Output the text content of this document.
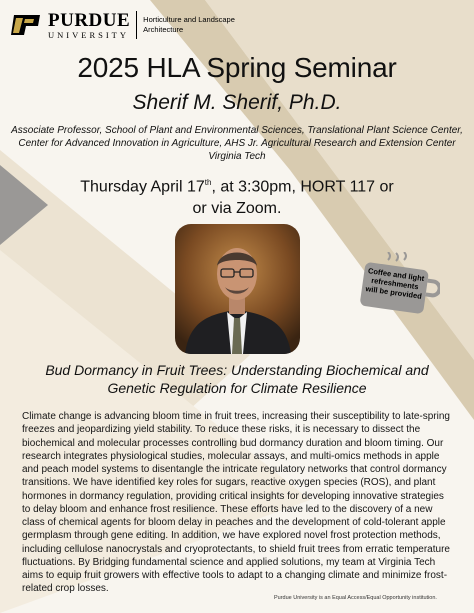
PURDUE
UNIVERSITY
Horticulture and Landscape Architecture
2025 HLA Spring Seminar
Sherif M. Sherif, Ph.D.
Associate Professor, School of Plant and Environmental Sciences, Translational Plant Science Center, Center for Advanced Innovation in Agriculture, AHS Jr. Agricultural Research and Extension Center
Virginia Tech
Thursday April 17th, at 3:30pm, HORT 117 or
or via Zoom.
Coffee and light refreshments will be provided
Bud Dormancy in Fruit Trees: Understanding Biochemical and Genetic Regulation for Climate Resilience
Climate change is advancing bloom time in fruit trees, increasing their susceptibility to late-spring freezes and jeopardizing yield stability. To reduce these risks, it is necessary to dissect the biochemical and molecular processes controlling bud dormancy duration and bloom timing. Our research integrates physiological studies, molecular assays, and multi-omics methods in apple and peach model systems to disentangle the intricate regulatory networks that control dormancy transitions. We have identified key roles for sugars, reactive oxygen species (ROS), and plant hormones in dormancy regulation, providing critical insights for developing innovative strategies to delay bloom and enhance frost resilience. These efforts have led to the discovery of a new class of chemical agents for bloom delay in peaches and the development of cold-tolerant apple germplasm through gene editing. In addition, we have explored novel frost protection methods, including cellulose nanocrystals and cryoprotectants, to shield fruit trees from erratic temperature fluctuations. By Bridging fundamental science and applied solutions, my team at Virginia Tech aims to equip fruit growers with effective tools to adapt to a changing climate and minimize frost-related crop losses.
Purdue University is an Equal Access/Equal Opportunity institution.
